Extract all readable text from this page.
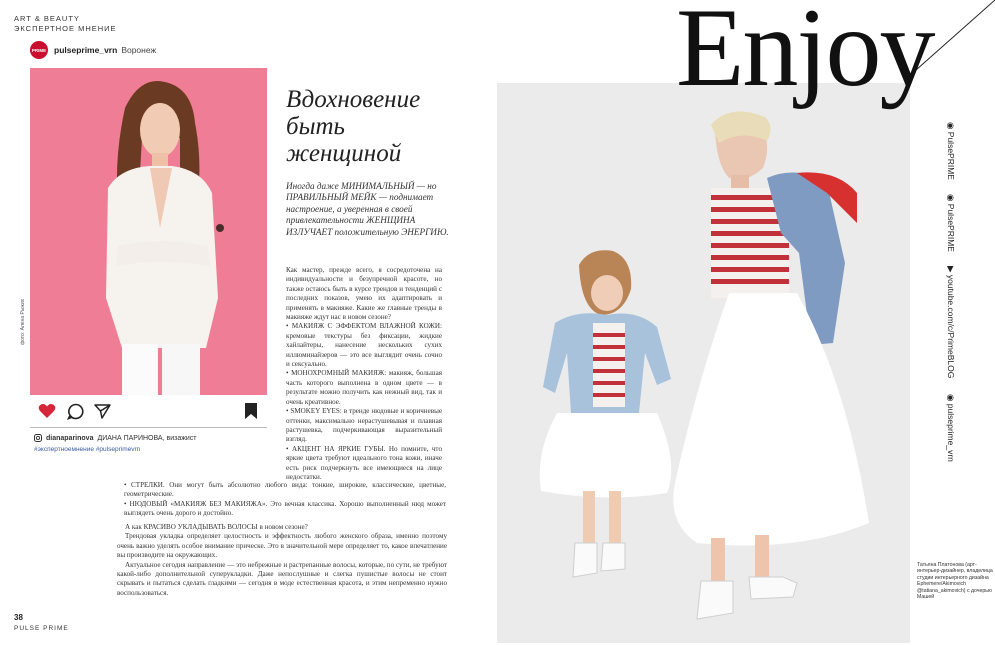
ART & BEAUTY
ЭКСПЕРТНОЕ МНЕНИЕ
PRIME pulseprime_vrn Воронеж
фото: Алена Рыжих
dianaparinova ДИАНА ПАРИНОВА, визажист
#экспертноемнение #pulseprimevrn
Вдохновение
быть
женщиной
Иногда даже МИНИМАЛЬНЫЙ — но ПРАВИЛЬНЫЙ МЕЙК — поднимает настроение, а уверенная в своей привлекательности ЖЕНЩИНА ИЗЛУЧАЕТ положительную ЭНЕРГИЮ.

Как мастер, прежде всего, я сосредоточена на индивидуальности и безупречной красоте, но также остаюсь быть в курсе трендов и тенденций с последних показов, умею их адаптировать и применять в макияже. Какие же главные тренды в макияже ждут нас в новом сезоне?

• МАКИЯЖ С ЭФФЕКТОМ ВЛАЖНОЙ КОЖИ: кремовые текстуры без фиксации, жидкие хайлайтеры, нанесение нескольких сухих иллюминайзеров — это все выглядит очень сочно и сексуально.

• МОНОХРОМНЫЙ МАКИЯЖ: макияж, большая часть которого выполнена в одном цвете — в результате можно получить как нежный вид, так и очень креативное.

• SMOKEY EYES: в тренде нюдовые и коричневые оттенки, максимально нерастушевывая и плавная растушевка, подчеркивающая выразительный взгляд.

• АКЦЕНТ НА ЯРКИЕ ГУБЫ. Но помните, что яркие цвета требуют идеального тона кожи, иначе есть риск подчеркнуть все имеющиеся на лице недостатки.

• СТРЕЛКИ. Они могут быть абсолютно любого вида: тонкие, широкие, классические, цветные, геометрические.

• НЮДОВЫЙ «МАКИЯЖ БЕЗ МАКИЯЖА». Это вечная классика. Хорошо выполненный нюд может выглядеть очень дорого и достойно.

А как КРАСИВО УКЛАДЫВАТЬ ВОЛОСЫ в новом сезоне?

Трендовая укладка определяет целостность и эффектность любого женского образа, именно поэтому очень важно уделять особое внимание прическе. Это в значительной мере определяет то, какое впечатление вы производите на окружающих.

Актуальное сегодня направление — это небрежные и растрепанные волосы, которые, по сути, не требуют какой-либо дополнительной суперукладки. Даже непослушные и слегка пушистые волосы не стоит скрывать и пытаться сделать гладкими — сегодня в моде естественная красота, и этим непременно нужно воспользоваться.

38
PULSE PRIME
Enjoy
◉ PulsePRIME
◉ PulsePRIME
▶ youtube.com/c/PrimeBLOG
◉ pulseprime_vrn
Татьяна Платонова (арт-интерьер-дизайнер, владелица студии интерьерного дизайна Ephemere/Akimovich @tatiana_akimovich) с дочерью Машей
